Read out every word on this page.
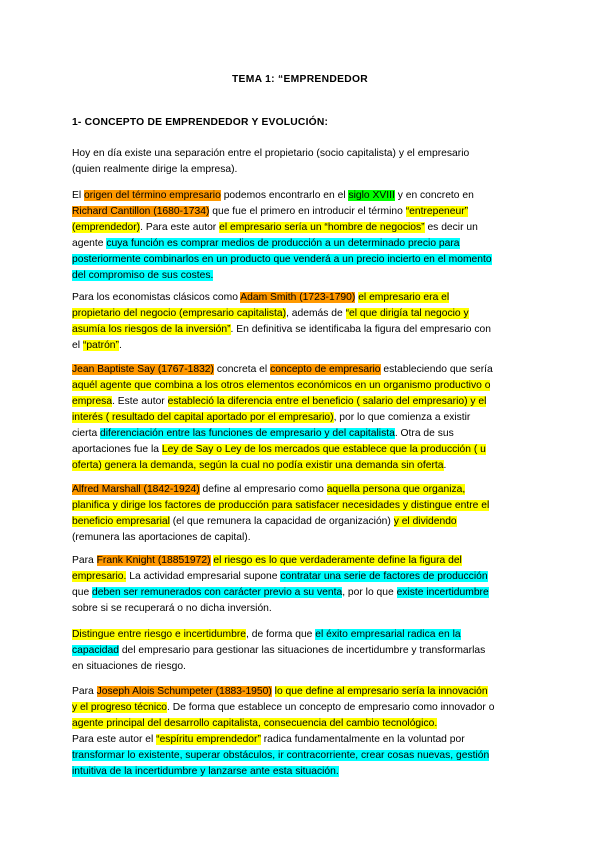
TEMA 1: “EMPRENDEDOR
1- CONCEPTO DE EMPRENDEDOR Y EVOLUCIÓN:

Hoy en día existe una separación entre el propietario (socio capitalista) y el empresario
(quien realmente dirige la empresa).

El origen del término empresario podemos encontrarlo en el siglo XVIII y en concreto en
Richard Cantillon (1680-1734) que fue el primero en introducir el término “entrepeneur”
(emprendedor). Para este autor el empresario sería un “hombre de negocios” es decir un
agente cuya función es comprar medios de producción a un determinado precio para
posteriormente combinarlos en un producto que venderá a un precio incierto en el momento
del compromiso de sus costes.

Para los economistas clásicos como Adam Smith (1723-1790) el empresario era el
propietario del negocio (empresario capitalista), además de “el que dirigía tal negocio y
asumía los riesgos de la inversión”. En definitiva se identificaba la figura del empresario con
el “patrón”.

Jean Baptiste Say (1767-1832) concreta el concepto de empresario estableciendo que sería
aquél agente que combina a los otros elementos económicos en un organismo productivo o
empresa. Este autor estableció la diferencia entre el beneficio ( salario del empresario) y el
interés ( resultado del capital aportado por el empresario), por lo que comienza a existir
cierta diferenciación entre las funciones de empresario y del capitalista. Otra de sus
aportaciones fue la Ley de Say o Ley de los mercados que establece que la producción ( u
oferta) genera la demanda, según la cual no podía existir una demanda sin oferta.

Alfred Marshall (1842-1924) define al empresario como aquella persona que organiza,
planifica y dirige los factores de producción para satisfacer necesidades y distingue entre el
beneficio empresarial (el que remunera la capacidad de organización) y el dividendo
(remunera las aportaciones de capital).

Para Frank Knight (18851972) el riesgo es lo que verdaderamente define la figura del
empresario. La actividad empresarial supone contratar una serie de factores de producción
que deben ser remunerados con carácter previo a su venta, por lo que existe incertidumbre
sobre si se recuperará o no dicha inversión.

Distingue entre riesgo e incertidumbre, de forma que el éxito empresarial radica en la
capacidad del empresario para gestionar las situaciones de incertidumbre y transformarlas
en situaciones de riesgo.

Para Joseph Alois Schumpeter (1883-1950) lo que define al empresario sería la innovación
y el progreso técnico. De forma que establece un concepto de empresario como innovador o
agente principal del desarrollo capitalista, consecuencia del cambio tecnológico.
Para este autor el “espíritu emprendedor” radica fundamentalmente en la voluntad por
transformar lo existente, superar obstáculos, ir contracorriente, crear cosas nuevas, gestión
intuitiva de la incertidumbre y lanzarse ante esta situación.
